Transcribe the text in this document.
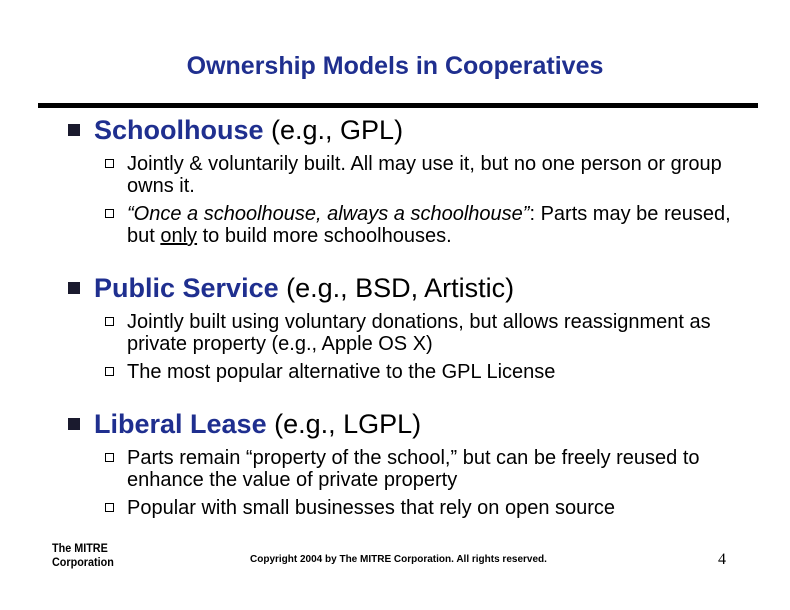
Ownership Models in Cooperatives
Schoolhouse (e.g., GPL)
Jointly & voluntarily built. All may use it, but no one person or group owns it.
“Once a schoolhouse, always a schoolhouse”: Parts may be reused, but only to build more schoolhouses.
Public Service (e.g., BSD, Artistic)
Jointly built using voluntary donations, but allows reassignment as private property (e.g., Apple OS X)
The most popular alternative to the GPL License
Liberal Lease (e.g., LGPL)
Parts remain “property of the school,” but can be freely reused to enhance the value of private property
Popular with small businesses that rely on open source
The MITRE
Corporation	Copyright 2004 by The MITRE Corporation. All rights reserved.	4
